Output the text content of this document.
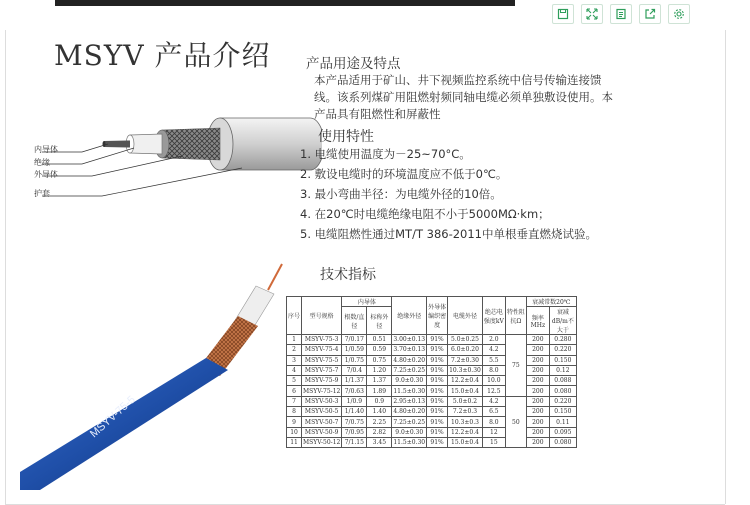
MSYV 产品介绍
内导体
绝缘
外导体
护套
产品用途及特点
本产品适用于矿山、井下视频监控系统中信号传输连接馈线。该系列煤矿用阻燃射频同轴电缆必须单独敷设使用。本产品具有阻燃性和屏蔽性
使用特性
1. 电缆使用温度为－25~70°C。
2. 敷设电缆时的环境温度应不低于0℃。
3. 最小弯曲半径：为电缆外径的10倍。
4. 在20℃时电缆绝缘电阻不小于5000MΩ·km；
5. 电缆阻燃性通过MT/T 386-2011中单根垂直燃烧试验。
技术指标
MSYV-75-5
序号	型号规格	内导体		绝缘外径	外导体编织密度	电缆外径	绝芯电强度kV	特性阻抗Ω	衰减常数20℃	
		根数/直径	标称外径						频率MHz	衰减dB/m不大于
1	MSYV-75-3	7/0.17	0.51	3.00±0.13	91%	5.0±0.25	2.0	75	200	0.280
2	MSYV-75-4	1/0.59	0.59	3.70±0.13	91%	6.0±0.20	4.2		200	0.220
3	MSYV-75-5	1/0.75	0.75	4.80±0.20	91%	7.2±0.30	5.5		200	0.150
4	MSYV-75-7	7/0.4	1.20	7.25±0.25	91%	10.3±0.30	8.0		200	0.12
5	MSYV-75-9	1/1.37	1.37	9.0±0.30	91%	12.2±0.4	10.0		200	0.088
6	MSYV-75-12	7/0.63	1.89	11.5±0.30	91%	15.0±0.4	12.5		200	0.080
7	MSYV-50-3	1/0.9	0.9	2.95±0.13	91%	5.0±0.2	4.2	50	200	0.220
8	MSYV-50-5	1/1.40	1.40	4.80±0.20	91%	7.2±0.3	6.5		200	0.150
9	MSYV-50-7	7/0.75	2.25	7.25±0.25	91%	10.3±0.3	8.0		200	0.11
10	MSYV-50-9	7/0.95	2.82	9.0±0.30	91%	12.2±0.4	12		200	0.095
11	MSYV-50-12	7/1.15	3.45	11.5±0.30	91%	15.0±0.4	15		200	0.080
